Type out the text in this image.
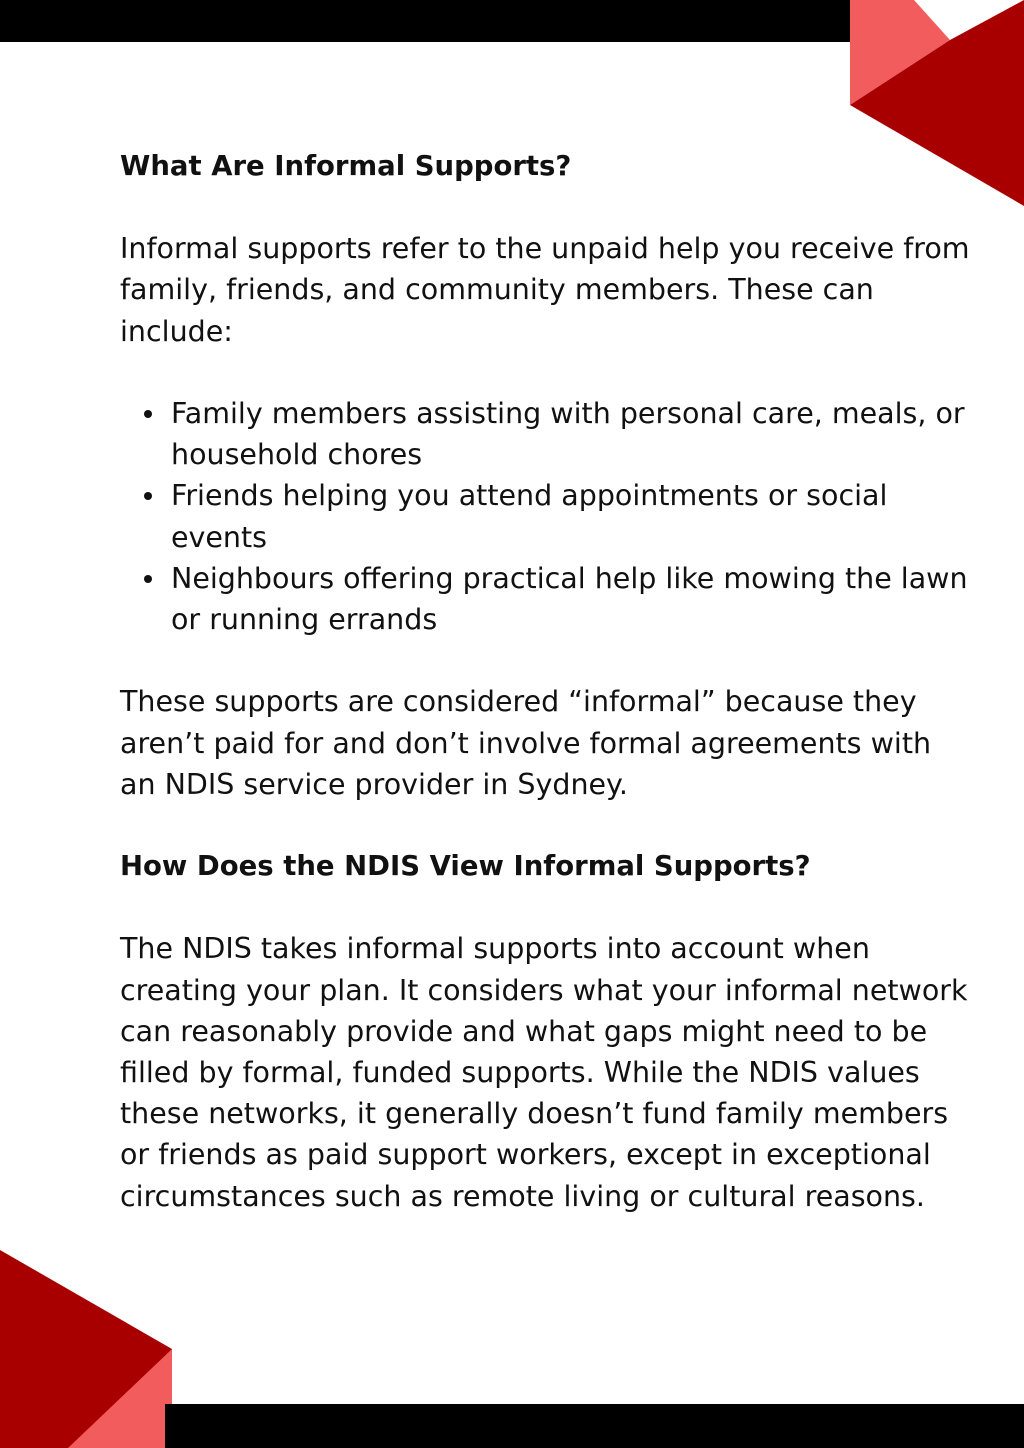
What Are Informal Supports?

Informal supports refer to the unpaid help you receive from family, friends, and community members. These can include:

Family members assisting with personal care, meals, or household chores
Friends helping you attend appointments or social events
Neighbours offering practical help like mowing the lawn or running errands

These supports are considered “informal” because they aren’t paid for and don’t involve formal agreements with an NDIS service provider in Sydney.

How Does the NDIS View Informal Supports?

The NDIS takes informal supports into account when creating your plan. It considers what your informal network can reasonably provide and what gaps might need to be filled by formal, funded supports. While the NDIS values these networks, it generally doesn’t fund family members or friends as paid support workers, except in exceptional circumstances such as remote living or cultural reasons.
